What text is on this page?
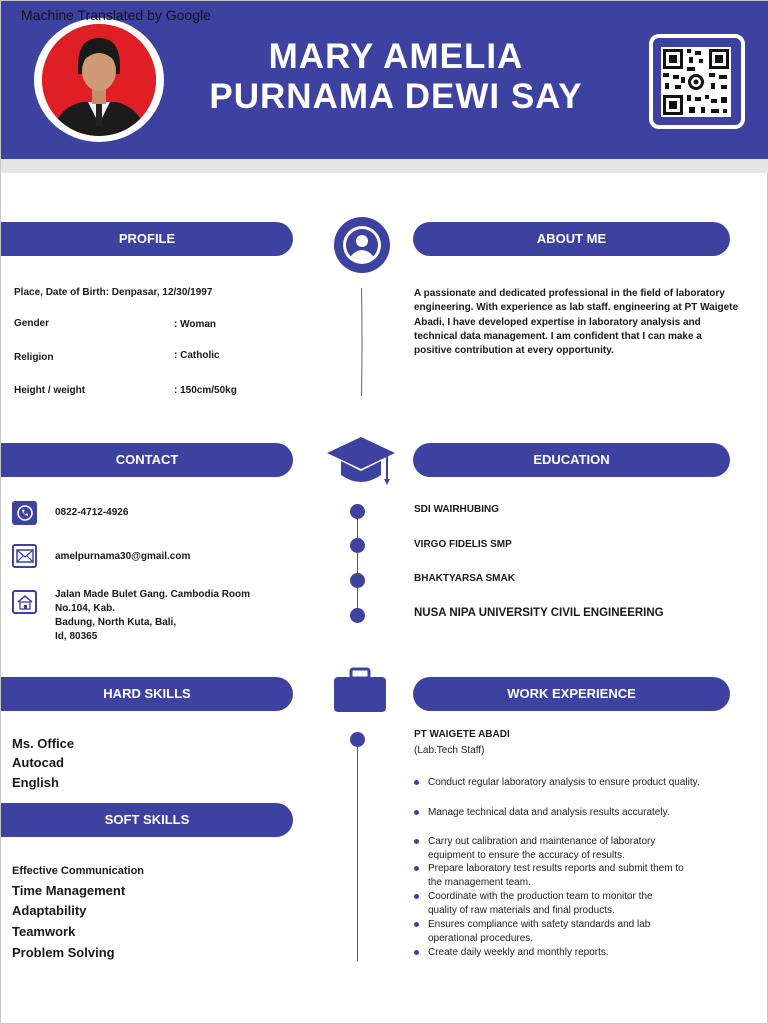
Machine Translated by Google
MARY AMELIA
PURNAMA DEWI SAY
PROFILE	ABOUT ME
Place, Date of Birth: Denpasar, 12/30/1997
Gender	: Woman
Religion	: Catholic
Height / weight	: 150cm/50kg
A passionate and dedicated professional in the field of laboratory engineering. With experience as lab staff. engineering at PT Waigete Abadi, I have developed expertise in laboratory analysis and technical data management. I am confident that I can make a positive contribution at every opportunity.
CONTACT	EDUCATION
0822-4712-4926
amelpurnama30@gmail.com
Jalan Made Bulet Gang. Cambodia Room
No.104, Kab.
Badung, North Kuta, Bali,
Id, 80365
SDI WAIRHUBING
VIRGO FIDELIS SMP
BHAKTYARSA SMAK
NUSA NIPA UNIVERSITY CIVIL ENGINEERING
HARD SKILLS	WORK EXPERIENCE
Ms. Office
Autocad
English
SOFT SKILLS
Effective Communication
Time Management
Adaptability
Teamwork
Problem Solving
PT WAIGETE ABADI
(Lab.Tech Staff)
Conduct regular laboratory analysis to ensure product quality.
Manage technical data and analysis results accurately.
Carry out calibration and maintenance of laboratory equipment to ensure the accuracy of results.
Prepare laboratory test results reports and submit them to the management team.
Coordinate with the production team to monitor the quality of raw materials and final products.
Ensures compliance with safety standards and lab operational procedures.
Create daily weekly and monthly reports.
